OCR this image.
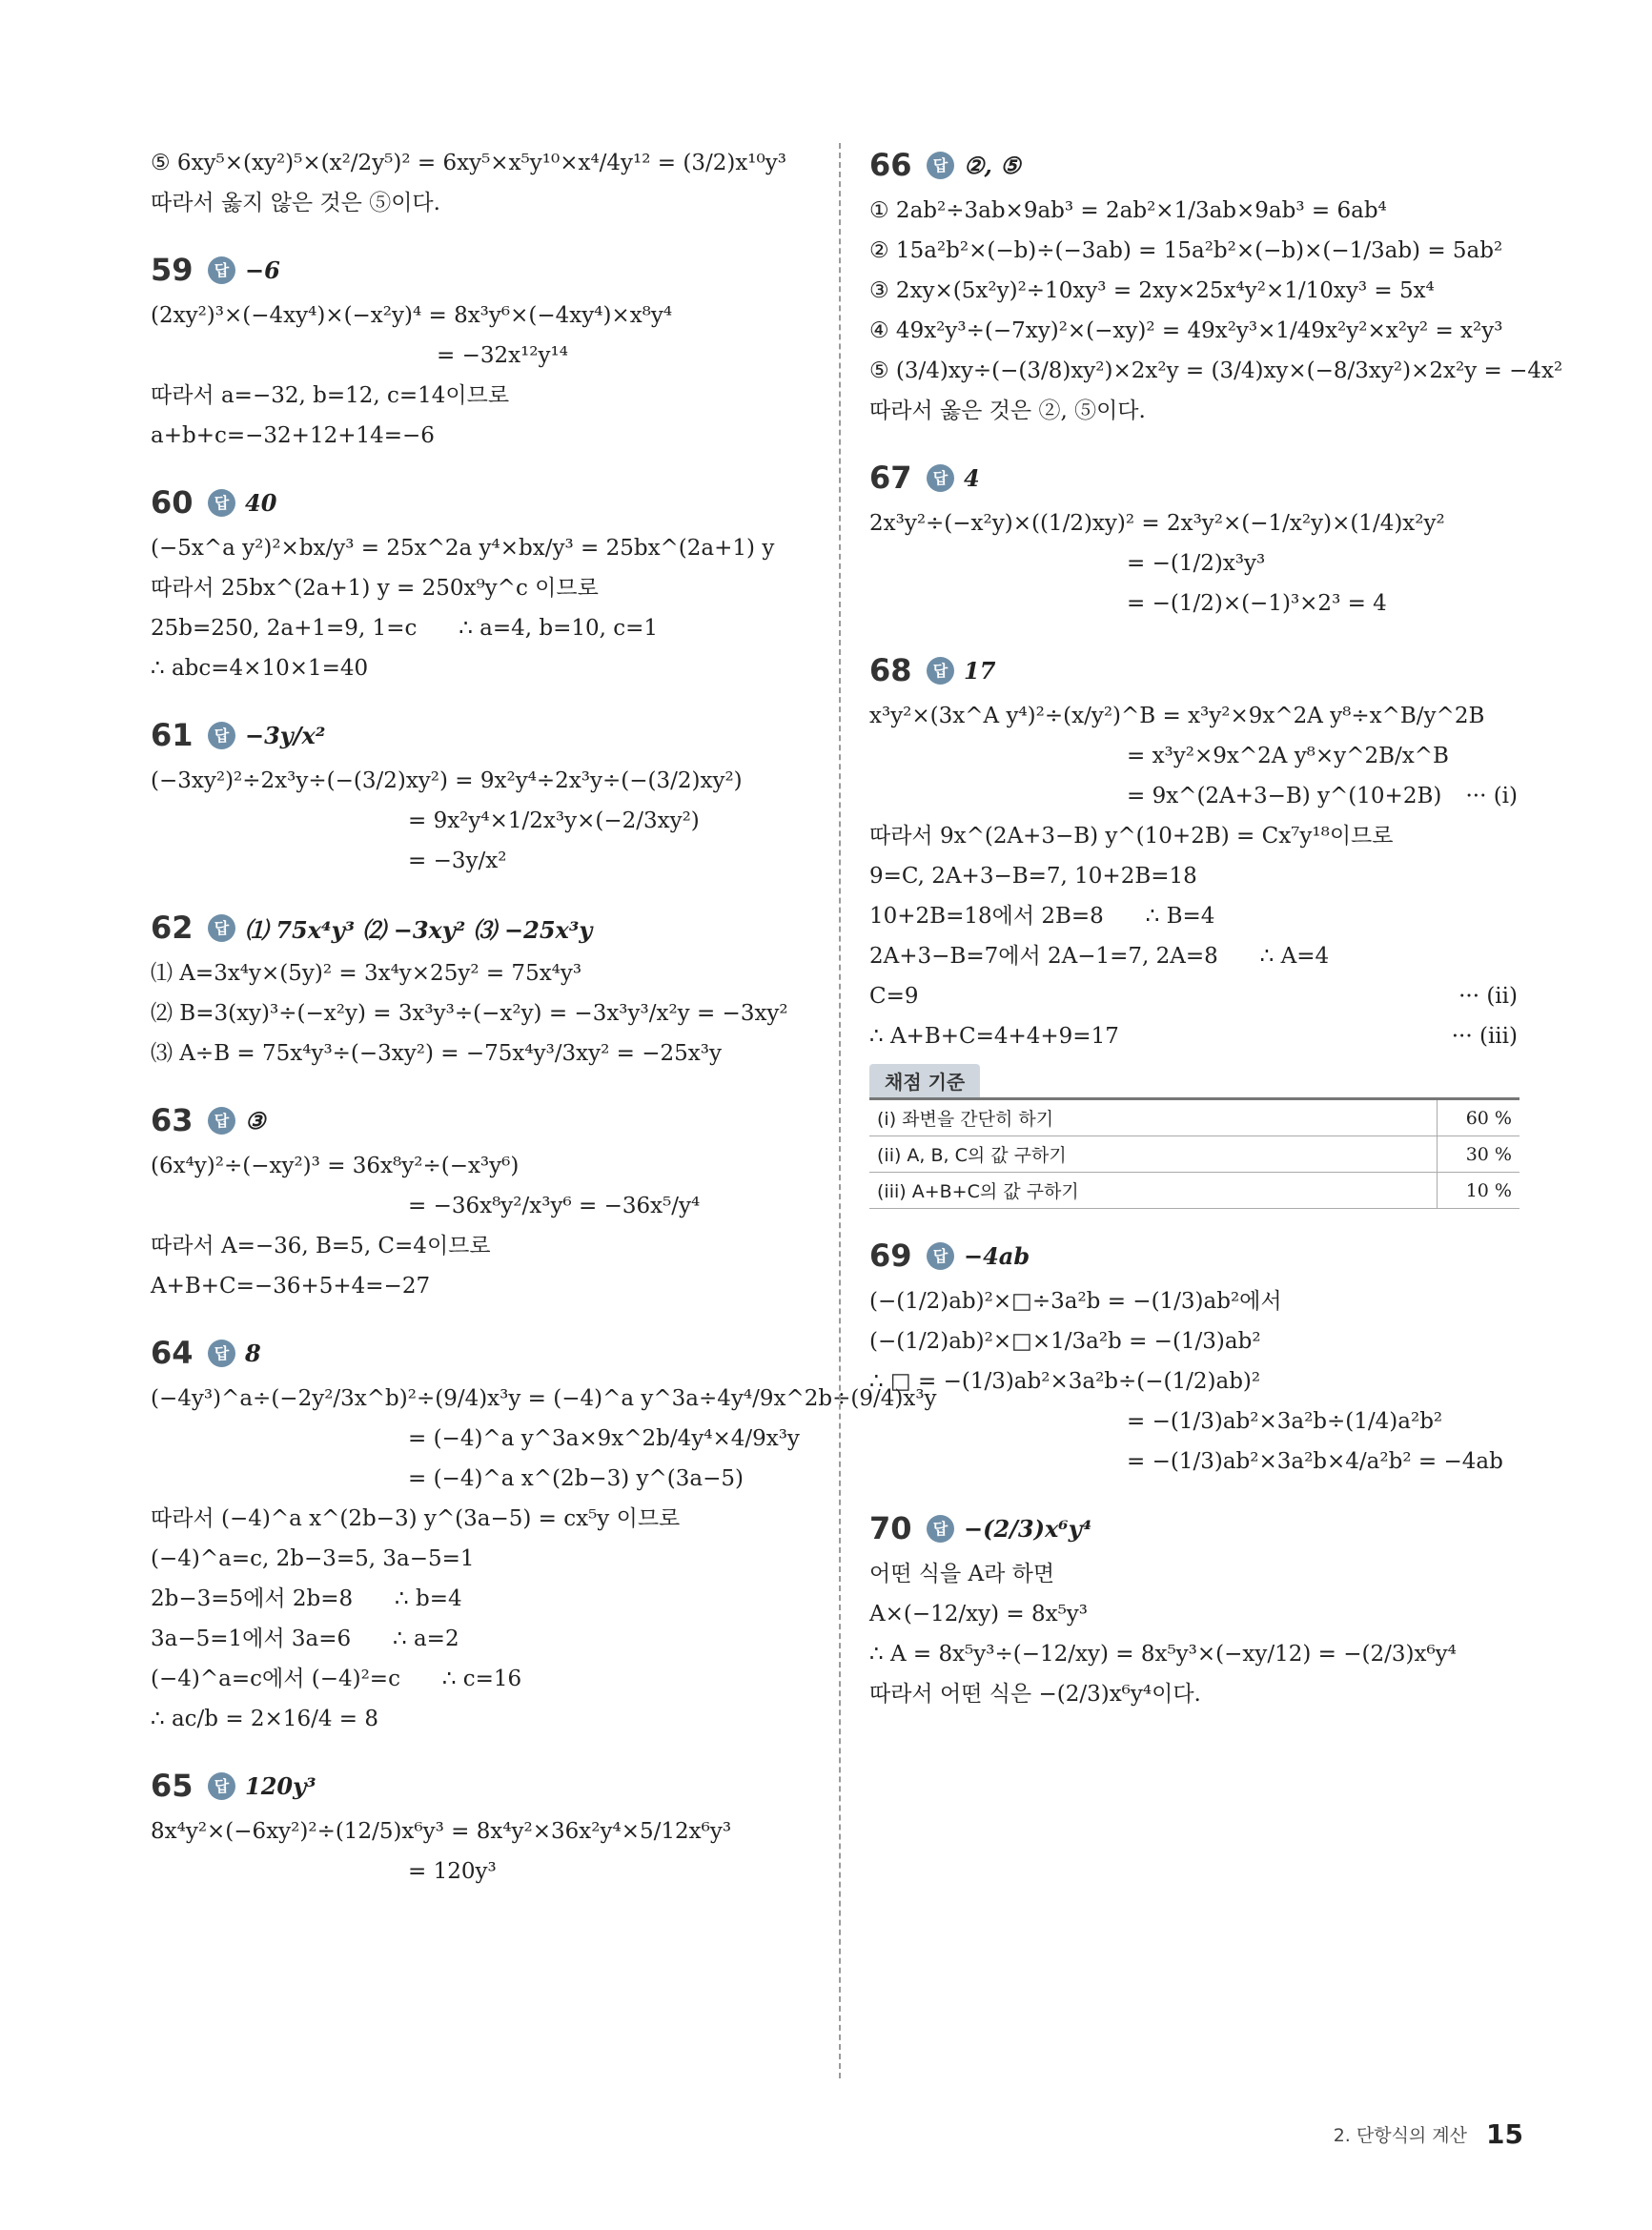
⑤ 6xy⁵×(xy²)⁵×(x²/2y⁵)² = 6xy⁵×x⁵y¹⁰×x⁴/4y¹² = (3/2)x¹⁰y³
따라서 옳지 않은 것은 ⑤이다.
59	답 −6
(2xy²)³×(−4xy⁴)×(−x²y)⁴ = 8x³y⁶×(−4xy⁴)×x⁸y⁴
= −32x¹²y¹⁴
따라서 a=−32, b=12, c=14이므로
a+b+c=−32+12+14=−6
60	답 40
(−5x^a y²)²×bx/y³ = 25x^2a y⁴×bx/y³ = 25bx^(2a+1) y
따라서 25bx^(2a+1) y = 250x⁹y^c 이므로
25b=250, 2a+1=9, 1=c      ∴ a=4, b=10, c=1
∴ abc=4×10×1=40
61	답 −3y/x²
(−3xy²)²÷2x³y÷(−(3/2)xy²) = 9x²y⁴÷2x³y÷(−(3/2)xy²)
= 9x²y⁴×1/2x³y×(−2/3xy²)
= −3y/x²
62	답 ⑴ 75x⁴y³ ⑵ −3xy² ⑶ −25x³y
⑴ A=3x⁴y×(5y)² = 3x⁴y×25y² = 75x⁴y³
⑵ B=3(xy)³÷(−x²y) = 3x³y³÷(−x²y) = −3x³y³/x²y = −3xy²
⑶ A÷B = 75x⁴y³÷(−3xy²) = −75x⁴y³/3xy² = −25x³y
63	답 ③
(6x⁴y)²÷(−xy²)³ = 36x⁸y²÷(−x³y⁶)
= −36x⁸y²/x³y⁶ = −36x⁵/y⁴
따라서 A=−36, B=5, C=4이므로
A+B+C=−36+5+4=−27
64	답 8
(−4y³)^a÷(−2y²/3x^b)²÷(9/4)x³y = (−4)^a y^3a÷4y⁴/9x^2b÷(9/4)x³y
= (−4)^a y^3a×9x^2b/4y⁴×4/9x³y
= (−4)^a x^(2b−3) y^(3a−5)
따라서 (−4)^a x^(2b−3) y^(3a−5) = cx⁵y 이므로
(−4)^a=c, 2b−3=5, 3a−5=1
2b−3=5에서 2b=8      ∴ b=4
3a−5=1에서 3a=6      ∴ a=2
(−4)^a=c에서 (−4)²=c      ∴ c=16
∴ ac/b = 2×16/4 = 8
65	답 120y³
8x⁴y²×(−6xy²)²÷(12/5)x⁶y³ = 8x⁴y²×36x²y⁴×5/12x⁶y³
= 120y³
66	답 ②, ⑤
① 2ab²÷3ab×9ab³ = 2ab²×1/3ab×9ab³ = 6ab⁴
② 15a²b²×(−b)÷(−3ab) = 15a²b²×(−b)×(−1/3ab) = 5ab²
③ 2xy×(5x²y)²÷10xy³ = 2xy×25x⁴y²×1/10xy³ = 5x⁴
④ 49x²y³÷(−7xy)²×(−xy)² = 49x²y³×1/49x²y²×x²y² = x²y³
⑤ (3/4)xy÷(−(3/8)xy²)×2x²y = (3/4)xy×(−8/3xy²)×2x²y = −4x²
따라서 옳은 것은 ②, ⑤이다.
67	답 4
2x³y²÷(−x²y)×((1/2)xy)² = 2x³y²×(−1/x²y)×(1/4)x²y²
= −(1/2)x³y³
= −(1/2)×(−1)³×2³ = 4
68	답 17
x³y²×(3x^A y⁴)²÷(x/y²)^B = x³y²×9x^2A y⁸÷x^B/y^2B
= x³y²×9x^2A y⁸×y^2B/x^B
= 9x^(2A+3−B) y^(10+2B) ··· (i)
따라서 9x^(2A+3−B) y^(10+2B) = Cx⁷y¹⁸이므로
9=C, 2A+3−B=7, 10+2B=18
10+2B=18에서 2B=8      ∴ B=4
2A+3−B=7에서 2A−1=7, 2A=8      ∴ A=4
C=9	··· (ii)
∴ A+B+C=4+4+9=17	··· (iii)
채점 기준
(i) 좌변을 간단히 하기	60 %
(ii) A, B, C의 값 구하기	30 %
(iii) A+B+C의 값 구하기	10 %
69	답 −4ab
(−(1/2)ab)²×□÷3a²b = −(1/3)ab²에서
(−(1/2)ab)²×□×1/3a²b = −(1/3)ab²
∴ □ = −(1/3)ab²×3a²b÷(−(1/2)ab)²
= −(1/3)ab²×3a²b÷(1/4)a²b²
= −(1/3)ab²×3a²b×4/a²b² = −4ab
70	답 −(2/3)x⁶y⁴
어떤 식을 A라 하면
A×(−12/xy) = 8x⁵y³
∴ A = 8x⁵y³÷(−12/xy) = 8x⁵y³×(−xy/12) = −(2/3)x⁶y⁴
따라서 어떤 식은 −(2/3)x⁶y⁴이다.
2. 단항식의 계산 15
